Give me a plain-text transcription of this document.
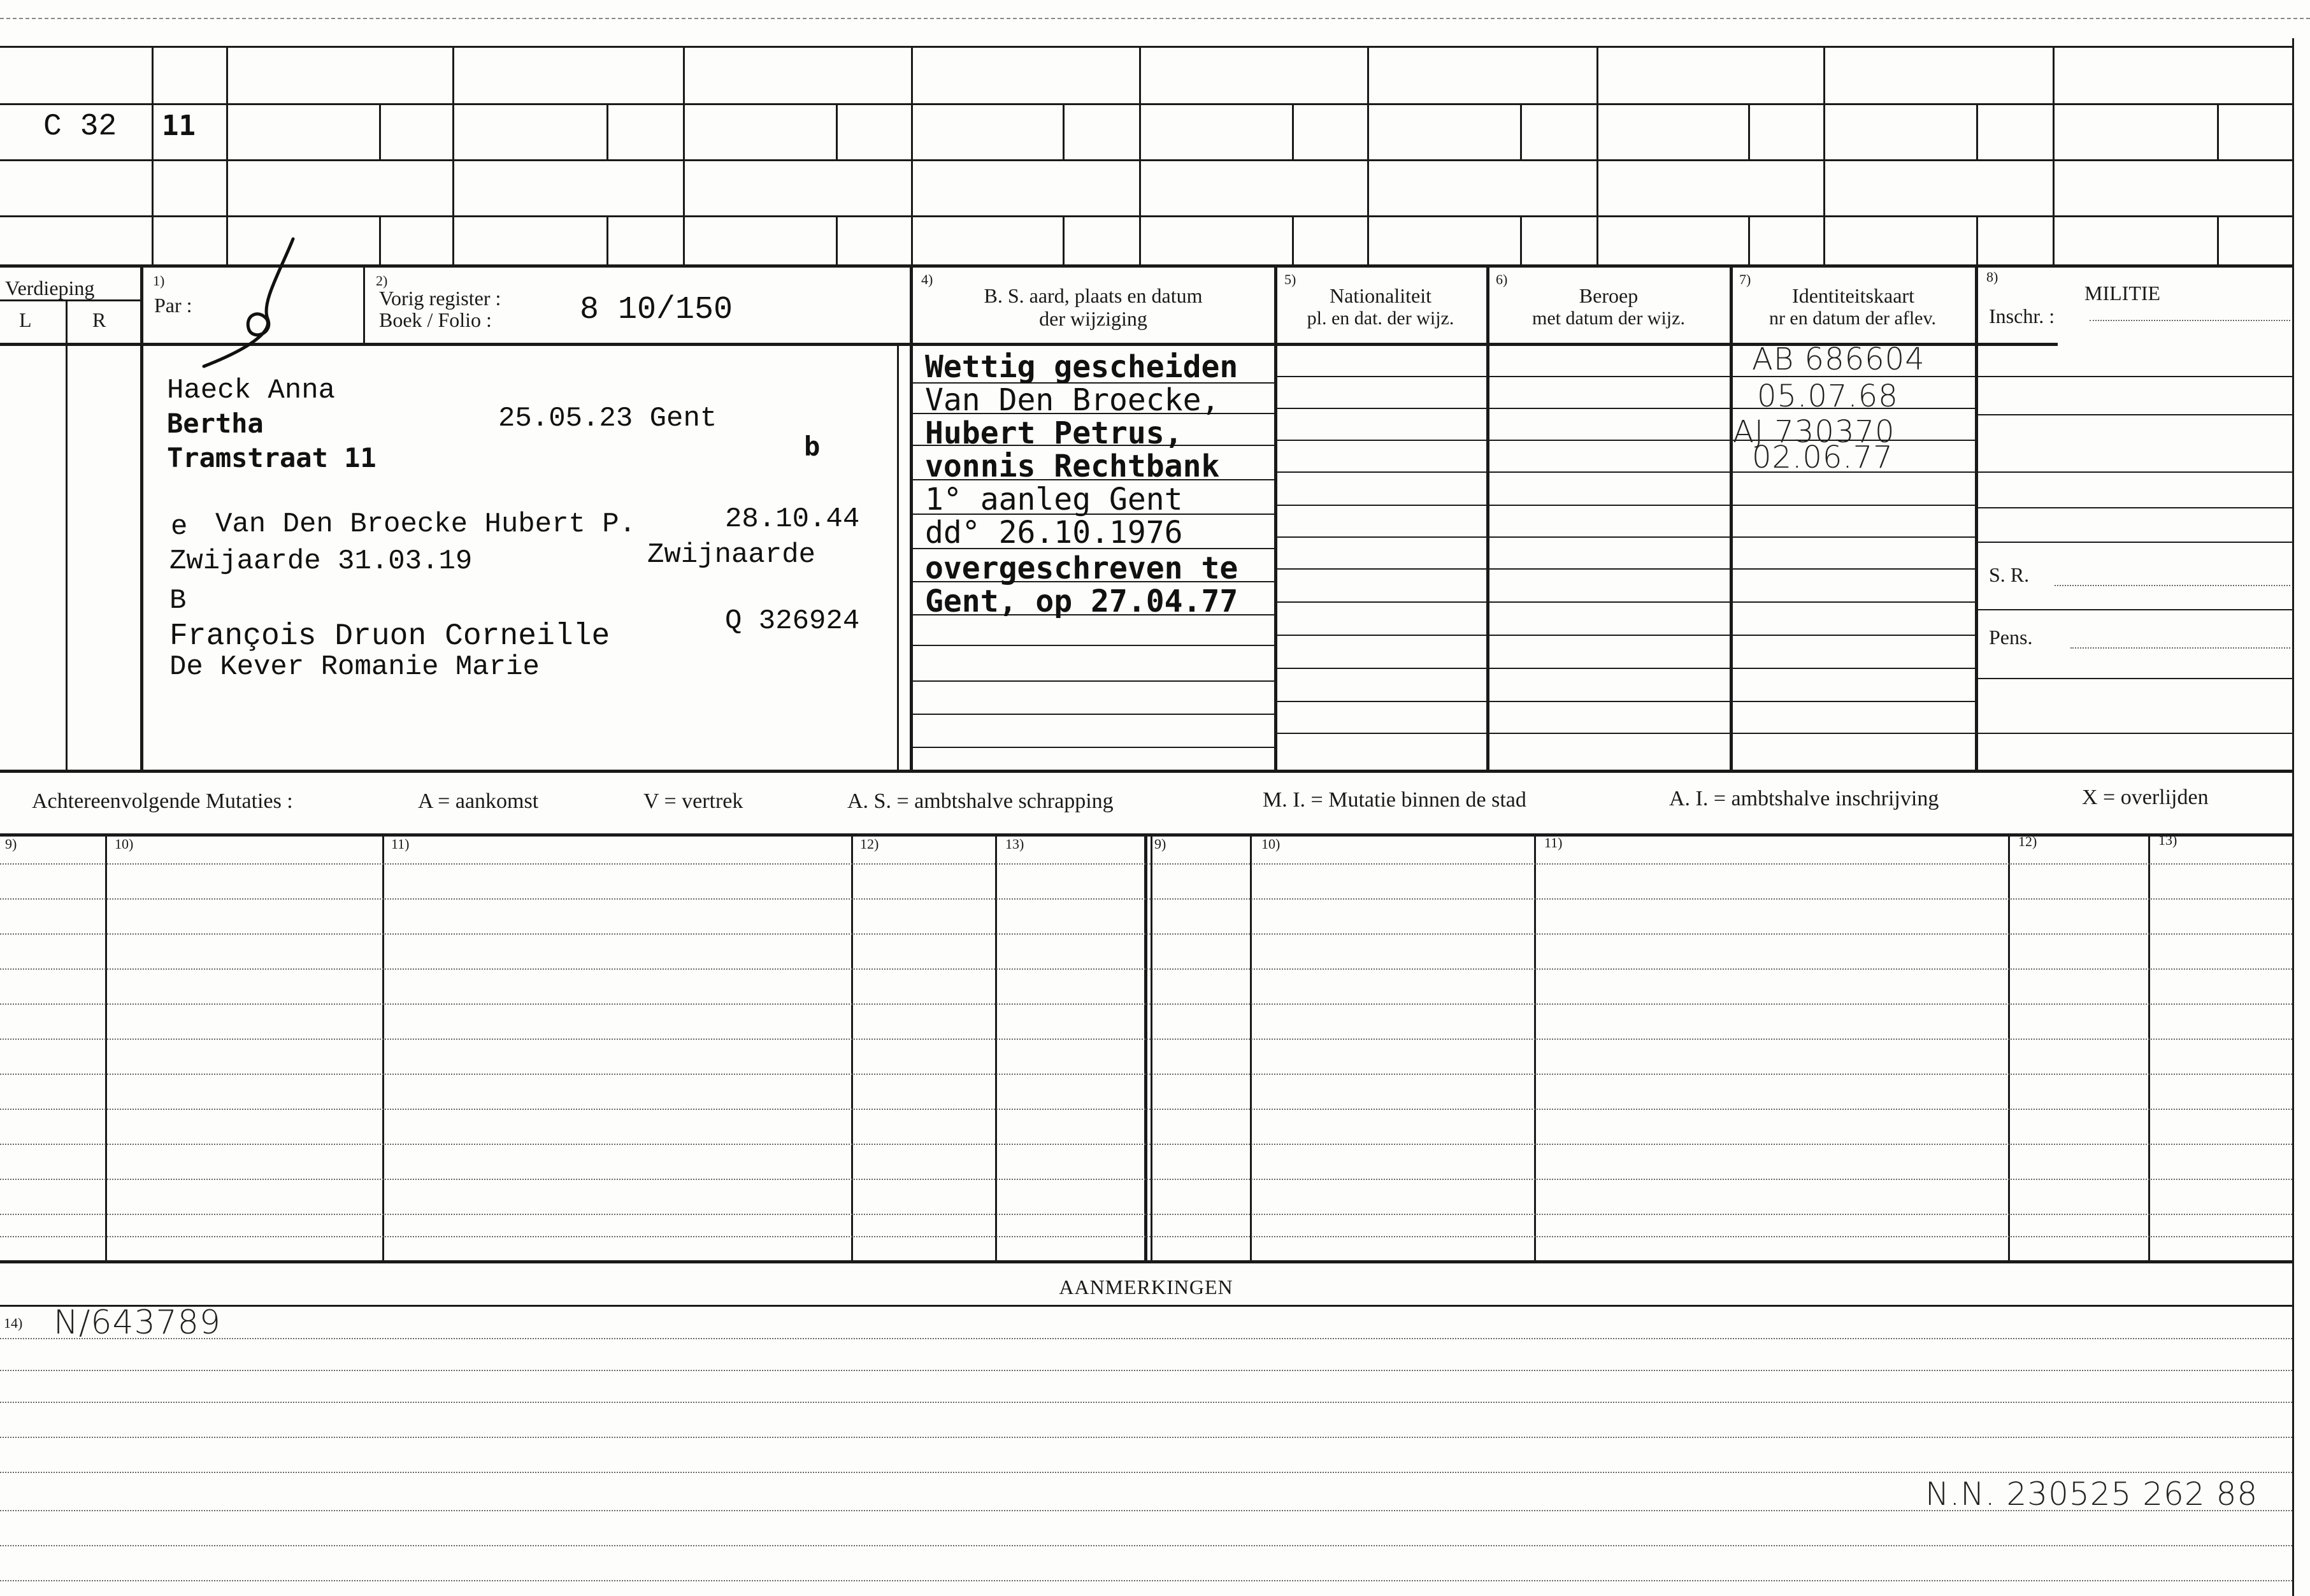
C 32 11
Verdieping
L	R
1)
Par :
2)
Vorig register :
Boek / Folio :	8 10/150
4)
B. S. aard, plaats en datum
der wijziging
5)
Nationaliteit
pl. en dat. der wijz.
6)
Beroep
met datum der wijz.
7)
Identiteitskaart
nr en datum der aflev.
8)
MILITIE
Inschr. :
S. R.
Pens.
Haeck Anna
Bertha	25.05.23 Gent
Tramstraat 11	b
e Van Den Broecke Hubert P.	28.10.44
Zwijaarde 31.03.19	Zwijnaarde
B
François Druon Corneille	Q 326924
De Kever Romanie Marie
Wettig gescheiden
Van Den Broecke,
Hubert Petrus,
vonnis Rechtbank
1° aanleg Gent
dd° 26.10.1976
overgeschreven te
Gent, op 27.04.77
AB 686604
05.07.68
AJ 730370
02.06.77
Achtereenvolgende Mutaties :	A = aankomst	V = vertrek	A. S. = ambtshalve schrapping	M. I. = Mutatie binnen de stad	A. I. = ambtshalve inschrijving	X = overlijden
9)	10)	11)	12)	13)	9)	10)	11)	12)	13)
AANMERKINGEN
14) N/643789
N.N. 230525 262 88
